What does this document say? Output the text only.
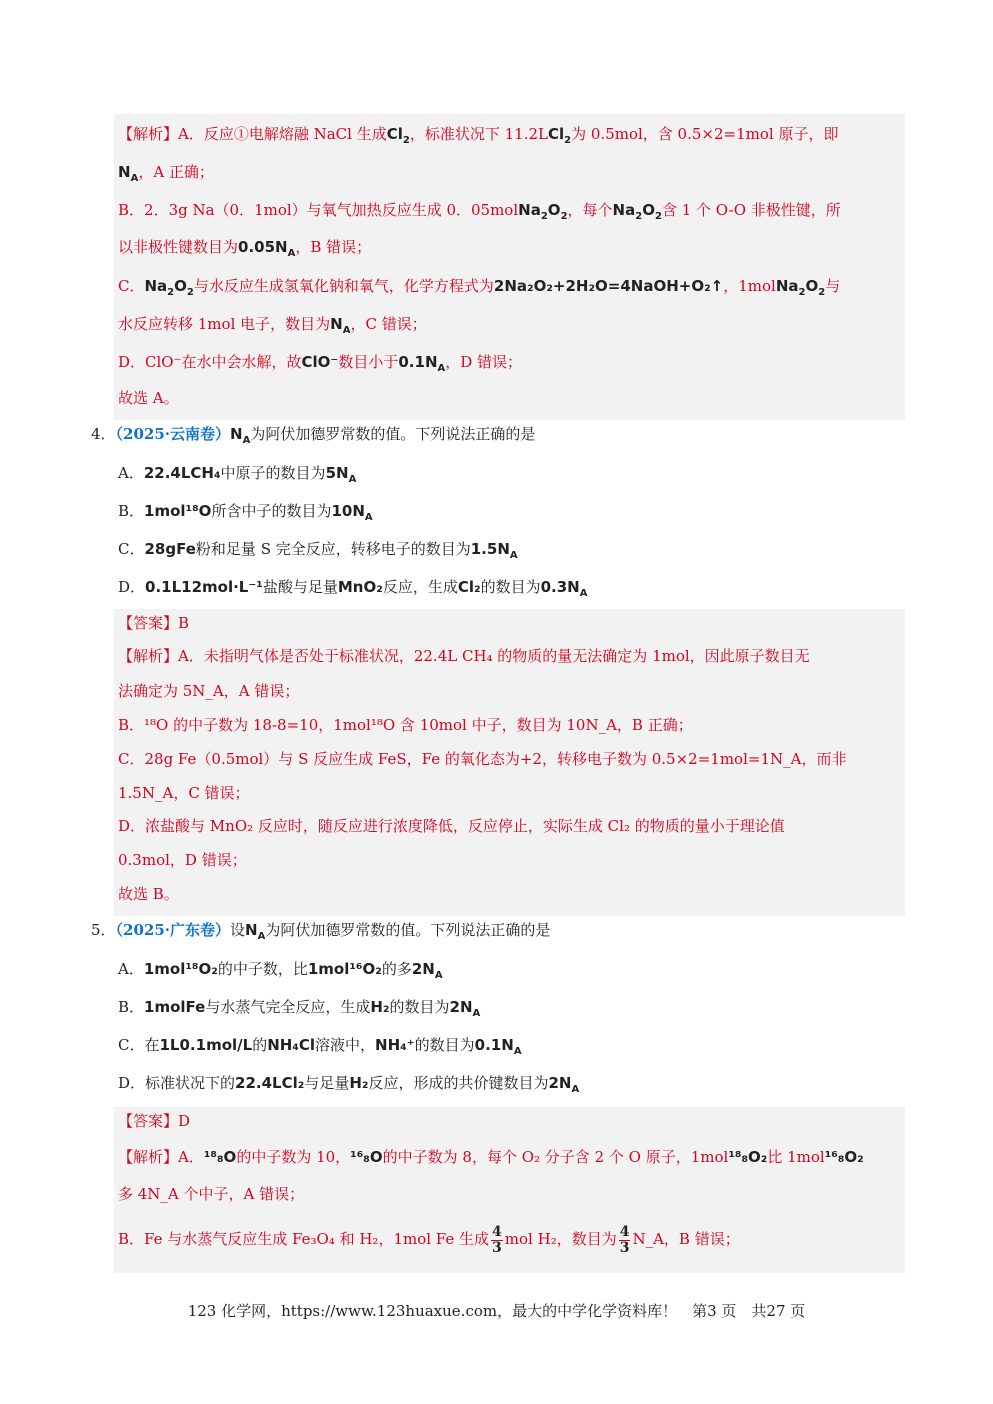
【解析】A．反应①电解熔融 NaCl 生成$Cl_2$，标准状况下 11.2LCl$_2$为 0.5mol，含 0.5×2=1mol 原子，即
$N_A$，A 正确；
B．2．3g Na（0．1mol）与氧气加热反应生成 0．$05molNa_2O_2$，每个$Na_2O_2$含 1 个 O-O 非极性键，所
以非极性键数目为$0.05N_A$，B 错误；
C．$Na_2O_2$与水反应生成氢氧化钠和氧气，化学方程式为2Na₂O₂+2H₂O=4NaOH+O₂↑，$1molNa_2O_2$与
水反应转移 1mol 电子，数目为$N_A$，C 错误；
D．ClO⁻在水中会水解，故ClO⁻数目小于$0.1N_A$，D 错误；
故选 A。
4．（2025·云南卷）$N_A$为阿伏加德罗常数的值。下列说法正确的是
A．22.4LCH₄中原子的数目为$5N_A$
B．1mol¹⁸O所含中子的数目为$10N_A$
C．28gFe粉和足量 S 完全反应，转移电子的数目为$1.5N_A$
D．0.1L12mol·L⁻¹盐酸与足量MnO₂反应，生成Cl₂的数目为$0.3N_A$
【答案】B
【解析】A．未指明气体是否处于标准状况，22.4L CH₄ 的物质的量无法确定为 1mol，因此原子数目无
法确定为 5N_A，A 错误；
B．¹⁸O 的中子数为 18-8=10，1mol¹⁸O 含 10mol 中子，数目为 10N_A，B 正确；
C．28g Fe（0.5mol）与 S 反应生成 FeS，Fe 的氧化态为+2，转移电子数为 0.5×2=1mol=1N_A，而非
1.5N_A，C 错误；
D．浓盐酸与 MnO₂ 反应时，随反应进行浓度降低，反应停止，实际生成 Cl₂ 的物质的量小于理论值
0.3mol，D 错误；
故选 B。
5．（2025·广东卷）设$N_A$为阿伏加德罗常数的值。下列说法正确的是
A．1mol¹⁸O₂的中子数，比1mol¹⁶O₂的多$2N_A$
B．1molFe与水蒸气完全反应，生成H₂的数目为$2N_A$
C．在1L0.1mol/L的NH₄Cl溶液中，NH₄⁺的数目为$0.1N_A$
D．标准状况下的22.4LCl₂与足量H₂反应，形成的共价键数目为$2N_A$
【答案】D
【解析】A．¹⁸₈O的中子数为 10，¹⁶₈O的中子数为 8，每个 O₂ 分子含 2 个 O 原子，1mol¹⁸₈O₂比 1mol¹⁶₈O₂
多 4N_A 个中子，A 错误；
B．Fe 与水蒸气反应生成 Fe₃O₄ 和 H₂，1mol Fe 生成 $\frac{4}{3}$ mol H₂，数目为 $\frac{4}{3}$ N_A，B 错误；
123 化学网，https://www.123huaxue.com，最大的中学化学资料库！　第3 页　共27 页
